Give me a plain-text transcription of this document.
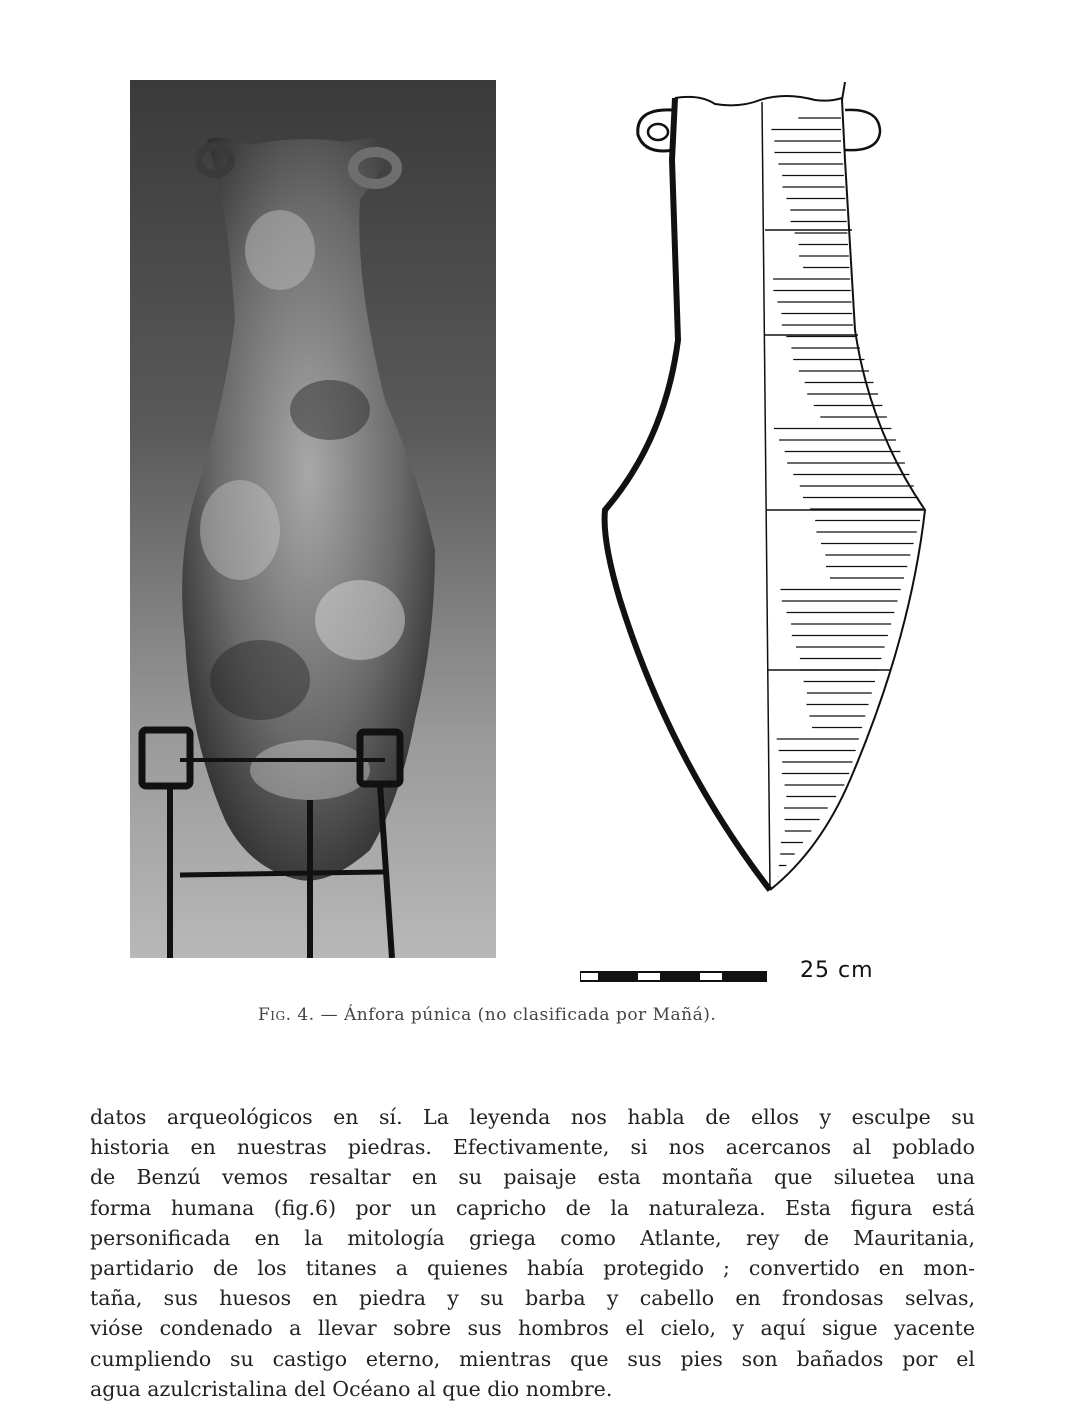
25 cm
Fig. 4. — Ánfora púnica (no clasificada por Mañá).
datos arqueológicos en sí. La leyenda nos habla de ellos y esculpe su
historia en nuestras piedras. Efectivamente, si nos acercanos al poblado
de Benzú vemos resaltar en su paisaje esta montaña que siluetea una
forma humana (fig.6) por un capricho de la naturaleza. Esta figura está
personificada en la mitología griega como Atlante, rey de Mauritania,
partidario de los titanes a quienes había protegido ; convertido en mon-
taña, sus huesos en piedra y su barba y cabello en frondosas selvas,
vióse condenado a llevar sobre sus hombros el cielo, y aquí sigue yacente
cumpliendo su castigo eterno, mientras que sus pies son bañados por el
agua azulcristalina del Océano al que dio nombre.
